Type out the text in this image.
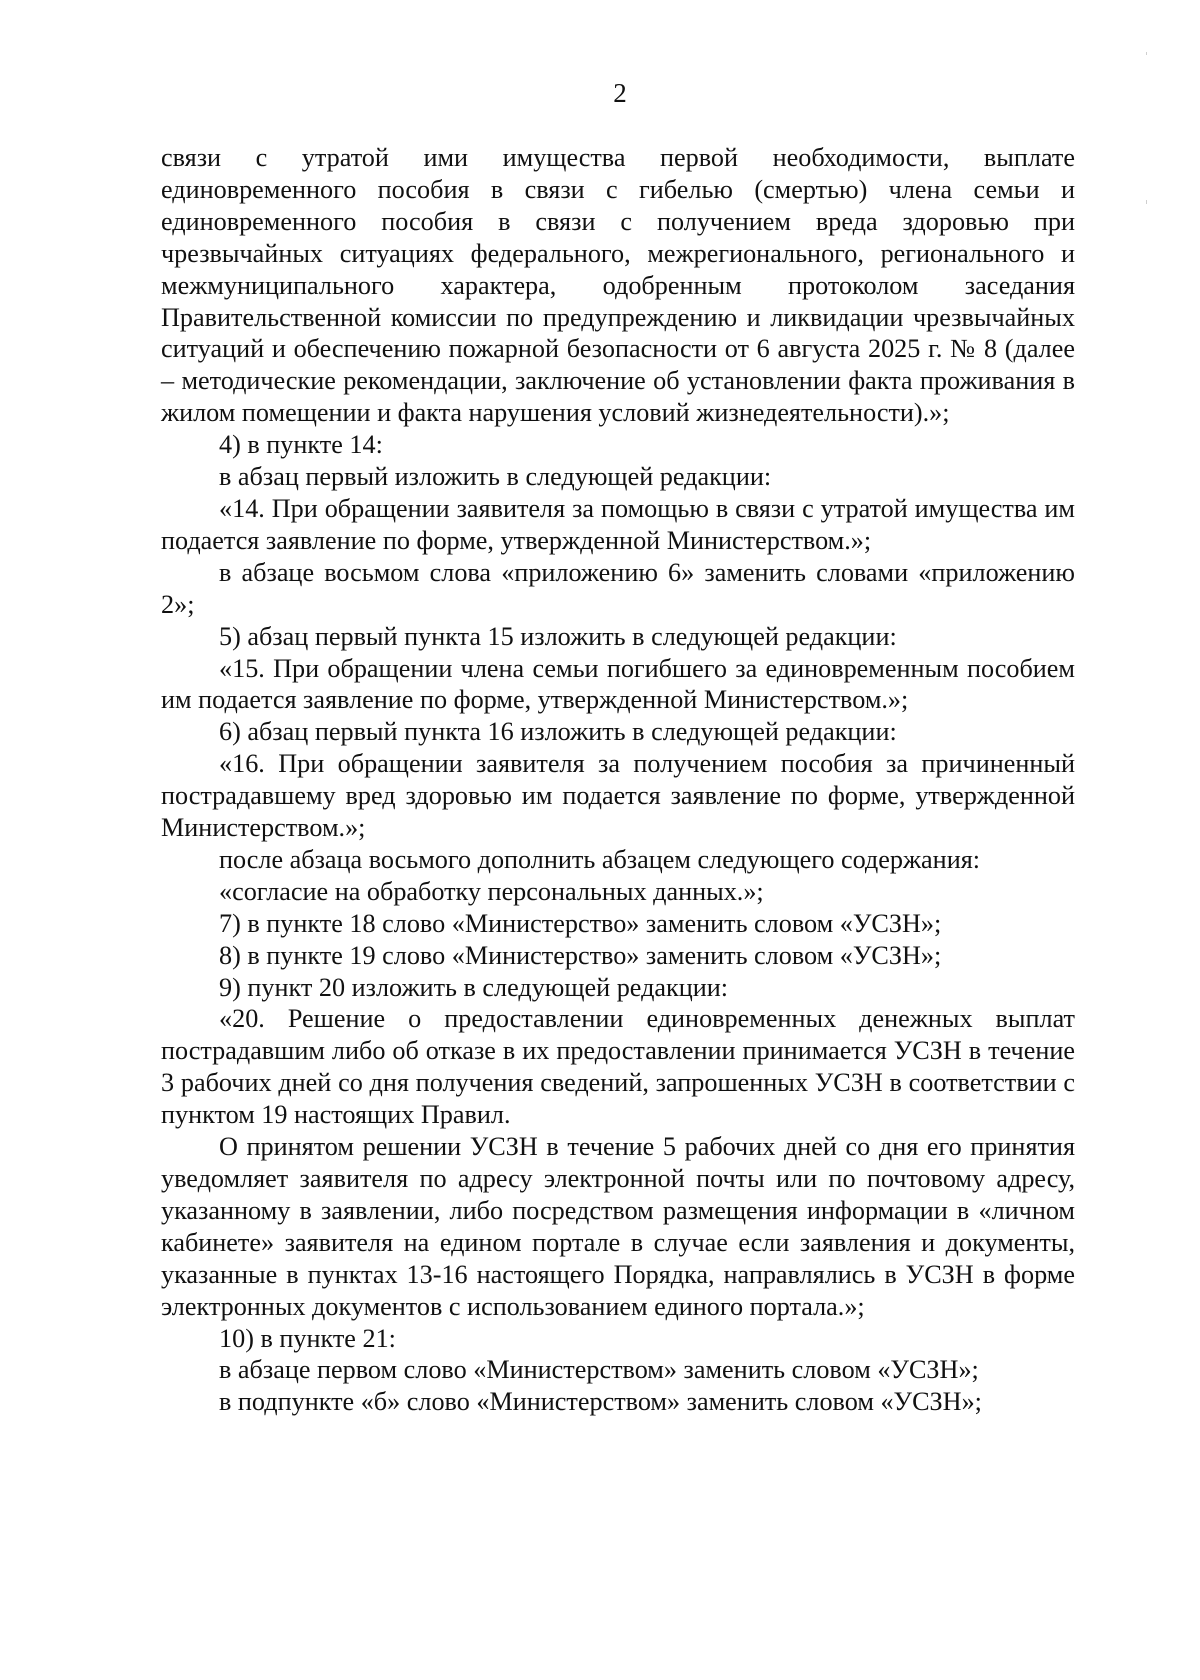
2

связи с утратой ими имущества первой необходимости, выплате единовременного пособия в связи с гибелью (смертью) члена семьи и единовременного пособия в связи с получением вреда здоровью при чрезвычайных ситуациях федерального, межрегионального, регионального и межмуниципального характера, одобренным протоколом заседания Правительственной комиссии по предупреждению и ликвидации чрезвычайных ситуаций и обеспечению пожарной безопасности от 6 августа 2025 г. № 8 (далее – методические рекомендации, заключение об установлении факта проживания в жилом помещении и факта нарушения условий жизнедеятельности).»;

4) в пункте 14:

в абзац первый изложить в следующей редакции:

«14. При обращении заявителя за помощью в связи с утратой имущества им подается заявление по форме, утвержденной Министерством.»;

в абзаце восьмом слова «приложению 6» заменить словами «приложению 2»;

5) абзац первый пункта 15 изложить в следующей редакции:

«15. При обращении члена семьи погибшего за единовременным пособием им подается заявление по форме, утвержденной Министерством.»;

6) абзац первый пункта 16 изложить в следующей редакции:

«16. При обращении заявителя за получением пособия за причиненный пострадавшему вред здоровью им подается заявление по форме, утвержденной Министерством.»;

после абзаца восьмого дополнить абзацем следующего содержания:

«согласие на обработку персональных данных.»;

7) в пункте 18 слово «Министерство» заменить словом «УСЗН»;

8) в пункте 19 слово «Министерство» заменить словом «УСЗН»;

9) пункт 20 изложить в следующей редакции:

«20. Решение о предоставлении единовременных денежных выплат пострадавшим либо об отказе в их предоставлении принимается УСЗН в течение 3 рабочих дней со дня получения сведений, запрошенных УСЗН в соответствии с пунктом 19 настоящих Правил.

О принятом решении УСЗН в течение 5 рабочих дней со дня его принятия уведомляет заявителя по адресу электронной почты или по почтовому адресу, указанному в заявлении, либо посредством размещения информации в «личном кабинете» заявителя на едином портале в случае если заявления и документы, указанные в пунктах 13-16 настоящего Порядка, направлялись в УСЗН в форме электронных документов с использованием единого портала.»;

10) в пункте 21:

в абзаце первом слово «Министерством» заменить словом «УСЗН»;

в подпункте «б» слово «Министерством» заменить словом «УСЗН»;
